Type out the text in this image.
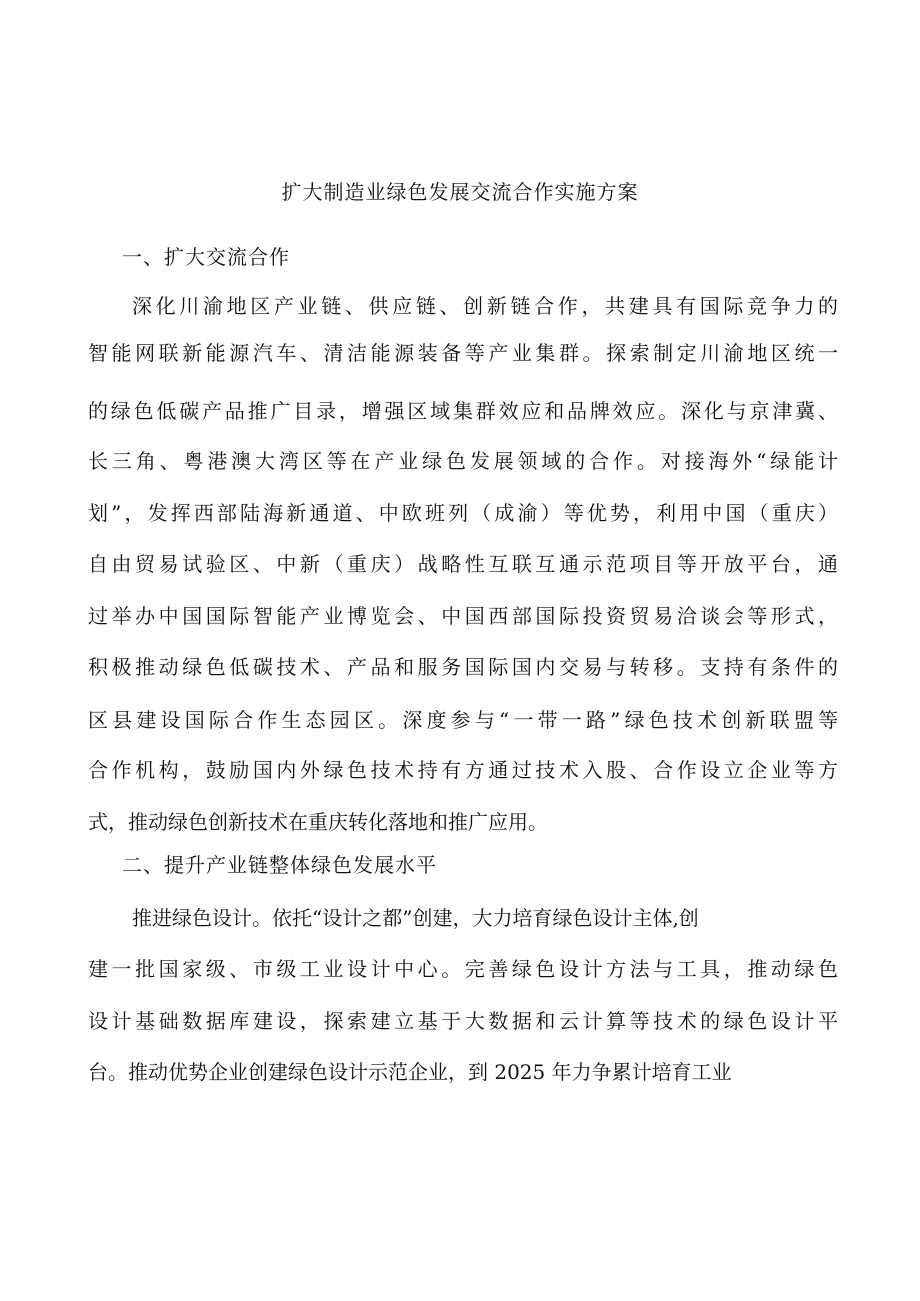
扩大制造业绿色发展交流合作实施方案
一、扩大交流合作
深化川渝地区产业链、供应链、创新链合作，共建具有国际竞争力的
智能网联新能源汽车、清洁能源装备等产业集群。探索制定川渝地区统一
的绿色低碳产品推广目录，增强区域集群效应和品牌效应。深化与京津冀、
长三角、粤港澳大湾区等在产业绿色发展领域的合作。对接海外“绿能计
划”，发挥西部陆海新通道、中欧班列（成渝）等优势，利用中国（重庆）
自由贸易试验区、中新（重庆）战略性互联互通示范项目等开放平台，通
过举办中国国际智能产业博览会、中国西部国际投资贸易洽谈会等形式，
积极推动绿色低碳技术、产品和服务国际国内交易与转移。支持有条件的
区县建设国际合作生态园区。深度参与“一带一路”绿色技术创新联盟等
合作机构，鼓励国内外绿色技术持有方通过技术入股、合作设立企业等方
式，推动绿色创新技术在重庆转化落地和推广应用。
二、提升产业链整体绿色发展水平
推进绿色设计。依托“设计之都”创建，大力培育绿色设计主体,创
建一批国家级、市级工业设计中心。完善绿色设计方法与工具，推动绿色
设计基础数据库建设，探索建立基于大数据和云计算等技术的绿色设计平
台。推动优势企业创建绿色设计示范企业，到 2025 年力争累计培育工业
